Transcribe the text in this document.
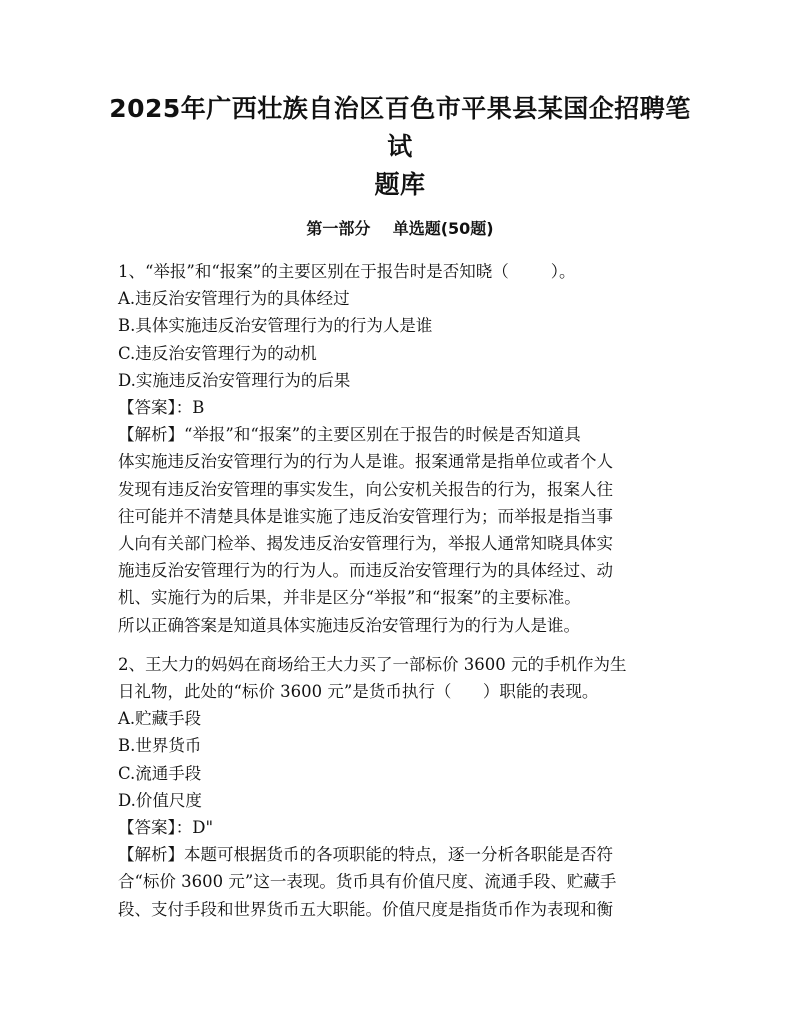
2025年广西壮族自治区百色市平果县某国企招聘笔试
题库
第一部分    单选题(50题)

1、“举报”和“报案”的主要区别在于报告时是否知晓（        ）。

A.违反治安管理行为的具体经过

B.具体实施违反治安管理行为的行为人是谁

C.违反治安管理行为的动机

D.实施违反治安管理行为的后果

【答案】：B

【解析】“举报”和“报案”的主要区别在于报告的时候是否知道具

体实施违反治安管理行为的行为人是谁。报案通常是指单位或者个人

发现有违反治安管理的事实发生，向公安机关报告的行为，报案人往

往可能并不清楚具体是谁实施了违反治安管理行为；而举报是指当事

人向有关部门检举、揭发违反治安管理行为，举报人通常知晓具体实

施违反治安管理行为的行为人。而违反治安管理行为的具体经过、动

机、实施行为的后果，并非是区分“举报”和“报案”的主要标准。

所以正确答案是知道具体实施违反治安管理行为的行为人是谁。

2、王大力的妈妈在商场给王大力买了一部标价 3600 元的手机作为生

日礼物，此处的“标价 3600 元”是货币执行（      ）职能的表现。

A.贮藏手段

B.世界货币

C.流通手段

D.价值尺度

【答案】：D"

【解析】本题可根据货币的各项职能的特点，逐一分析各职能是否符

合“标价 3600 元”这一表现。货币具有价值尺度、流通手段、贮藏手

段、支付手段和世界货币五大职能。价值尺度是指货币作为表现和衡
